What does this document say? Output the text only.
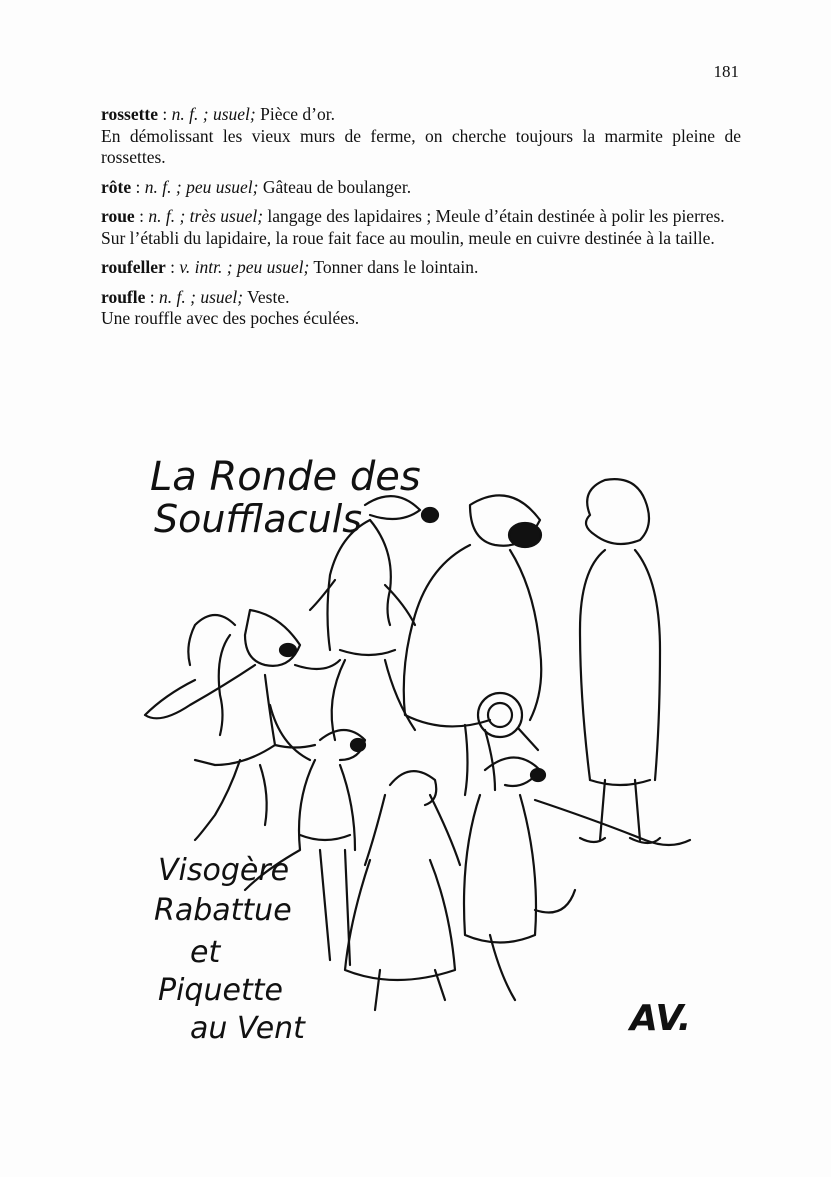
181

rossette : n. f. ; usuel; Pièce d’or.

En démolissant les vieux murs de ferme, on cherche toujours la marmite pleine de rossettes.

rôte : n. f. ; peu usuel; Gâteau de boulanger.

roue : n. f. ; très usuel; langage des lapidaires ; Meule d’étain destinée à polir les pierres.

Sur l’établi du lapidaire, la roue fait face au moulin, meule en cuivre destinée à la taille.

roufeller : v. intr. ; peu usuel; Tonner dans le lointain.

roufle : n. f. ; usuel; Veste.

Une rouffle avec des poches éculées.

La Ronde des
Soufflaculs
Visogère
Rabattue
et
Piquette
au Vent	AV.
